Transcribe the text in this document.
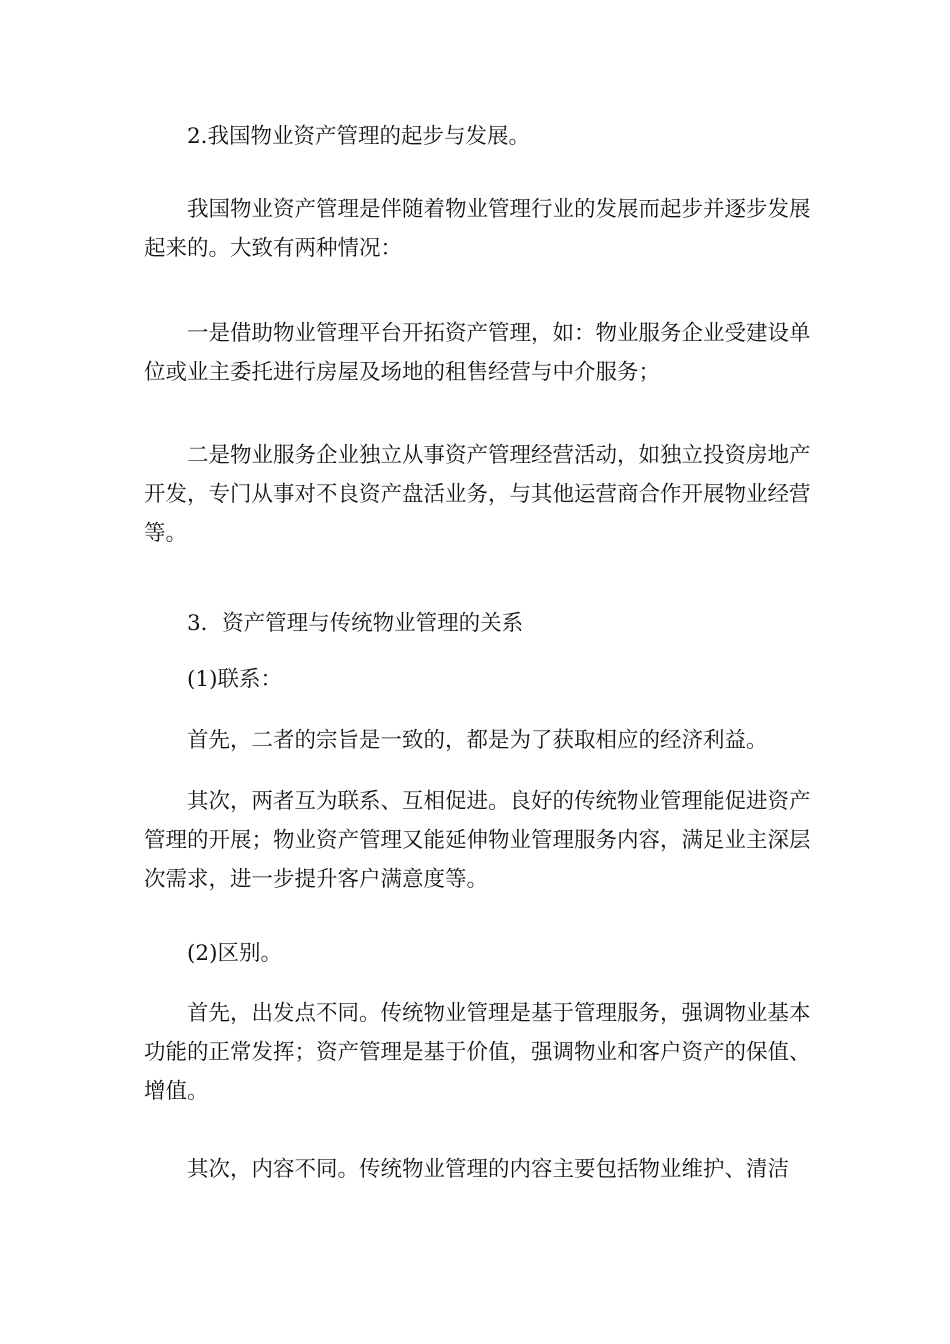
2.我国物业资产管理的起步与发展。

我国物业资产管理是伴随着物业管理行业的发展而起步并逐步发展起来的。大致有两种情况：

一是借助物业管理平台开拓资产管理，如：物业服务企业受建设单位或业主委托进行房屋及场地的租售经营与中介服务；

二是物业服务企业独立从事资产管理经营活动，如独立投资房地产开发，专门从事对不良资产盘活业务，与其他运营商合作开展物业经营等。

3．资产管理与传统物业管理的关系

(1)联系：

首先，二者的宗旨是一致的，都是为了获取相应的经济利益。

其次，两者互为联系、互相促进。良好的传统物业管理能促进资产管理的开展；物业资产管理又能延伸物业管理服务内容，满足业主深层次需求，进一步提升客户满意度等。

(2)区别。

首先，出发点不同。传统物业管理是基于管理服务，强调物业基本功能的正常发挥；资产管理是基于价值，强调物业和客户资产的保值、增值。

其次，内容不同。传统物业管理的内容主要包括物业维护、清洁
